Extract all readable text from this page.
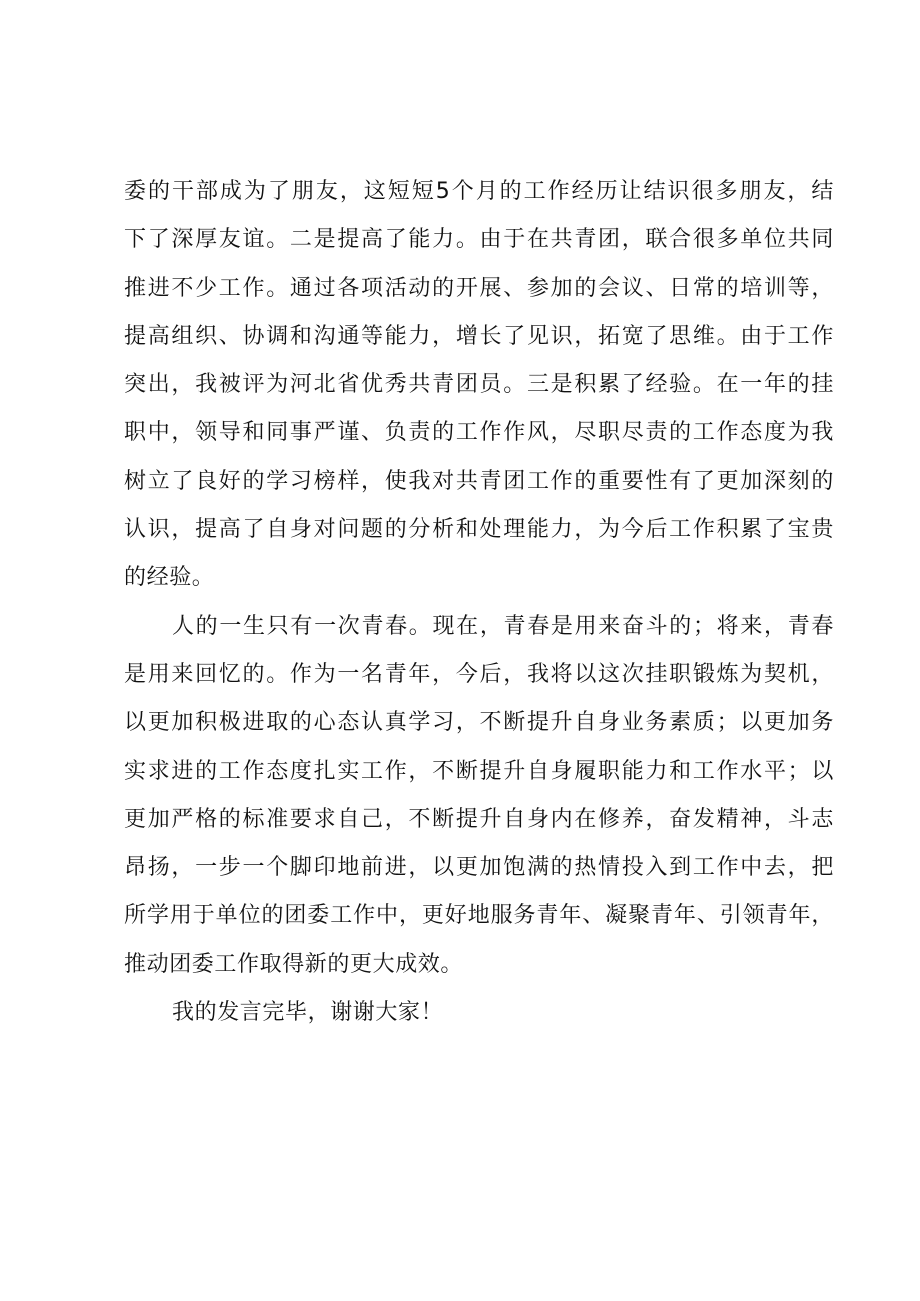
委的干部成为了朋友，这短短5个月的工作经历让结识很多朋友，结
下了深厚友谊。二是提高了能力。由于在共青团，联合很多单位共同
推进不少工作。通过各项活动的开展、参加的会议、日常的培训等，
提高组织、协调和沟通等能力，增长了见识，拓宽了思维。由于工作
突出，我被评为河北省优秀共青团员。三是积累了经验。在一年的挂
职中，领导和同事严谨、负责的工作作风，尽职尽责的工作态度为我
树立了良好的学习榜样，使我对共青团工作的重要性有了更加深刻的
认识，提高了自身对问题的分析和处理能力，为今后工作积累了宝贵
的经验。
人的一生只有一次青春。现在，青春是用来奋斗的；将来，青春
是用来回忆的。作为一名青年，今后，我将以这次挂职锻炼为契机，
以更加积极进取的心态认真学习，不断提升自身业务素质；以更加务
实求进的工作态度扎实工作，不断提升自身履职能力和工作水平；以
更加严格的标准要求自己，不断提升自身内在修养，奋发精神，斗志
昂扬，一步一个脚印地前进，以更加饱满的热情投入到工作中去，把
所学用于单位的团委工作中，更好地服务青年、凝聚青年、引领青年，
推动团委工作取得新的更大成效。
我的发言完毕，谢谢大家！
